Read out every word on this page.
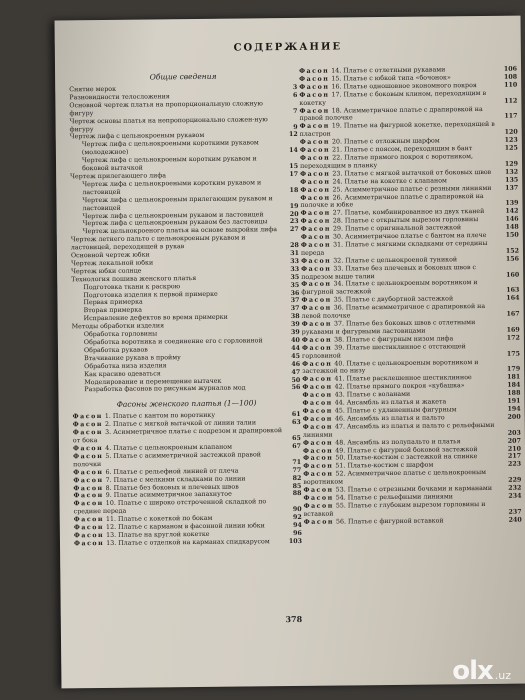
СОДЕРЖАНИЕ
Общие сведения
Снятие мерок	3
Разновидности телосложения	6
Основной чертеж платья на пропорциональную сложную фигуру	7
Чертеж основы платья на непропорционально сложен-ную фигуру	9
Чертеж лифа с цельнокроеным рукавом	12
Чертеж лифа с цельнокроеными короткими рукавом (молодежное)	14
Чертеж лифа с цельнокроеным коротким рукавом и боковой вытачкой	15
Чертеж прилегающего лифа	17
Чертеж лифа с цельнокроеными коротким рукавом и ластовицей	18
Чертеж лифа с цельнокроеным прилегающим рукавом и ластовицей	19
Чертеж лифа с цельнокроеным рукавом и ластовицей	20
Чертеж лифа с цельнокроеным рукавом без ластовицы	23
Чертеж цельнокроеного платья на основе выкройки лифа	27
Чертеж летнего пальто с цельнокроеным рукавом и ластовицей, переходящей в рукав	28
Основной чертеж юбки	31
Чертеж лекальной юбки	33
Чертеж юбки солнце	33
Технология пошива женского платья	35
Подготовка ткани к раскрою	35
Подготовка изделия к первой примерке	36
Первая примерка	37
Вторая примерка	37
Исправление дефектов во время примерки	38
Методы обработки изделия	39
Обработка горловины	39
Обработка воротника и соединение его с горловиной	40
Обработка рукавов	44
Втачивание рукава в пройму	45
Обработка низа изделия	46
Как красиво одеваться	47
Моделирование и перемещение вытачек	50
Разработка фасонов по рисункам журналов мод	56
Фасоны женского платья (1—100)
Фасон 1. Платье с кантом по воротнику	61
Фасон 2. Платье с мягкой вытачкой от линии талии	63
Фасон 3. Асимметричное платье с подрезом и драпировкой от бока	65
Фасон 4. Платье с цельнокроеным клапаном	67
Фасон 5. Платье с асимметричной застежкой правой полочки	71
Фасон 6. Платье с рельефной линией от плеча	77
Фасон 7. Платье с мелкими складками по линии	82
Фасон 8. Платье без боковых и плечевых швов	85
Фасон 9. Платье асимметричное запахнутое	88
Фасон 10. Платье с широко отстроченной складкой по средине переда	90
Фасон 11. Платье с кокеткой по бокам	92
Фасон 12. Платье с карманом в фасонной линии юбки	94
Фасон 13. Платье на круглой кокетке	96
Фасон 13. Платье с отделкой на карманах спидкарусом	103
Фасон 14. Платье с отлетными рукавами	106
Фасон 15. Платье с юбкой типа «бочонок»	108
Фасон 16. Платье одношовное экономного покроя	110
Фасон 17. Платье с боковым клином, переходящим в кокетку	112
Фасон 18. Асимметричное платье с драпировкой на правой полочке	117
Фасон 19. Платье на фигурной кокетке, переходящей в пластрон	120
Фасон 20. Платье с отложным шарфом	123
Фасон 21. Платье с поясом, переходящим в бант	125
Фасон 22. Платье прямого покроя с воротником, переходящим в планку	129
Фасон 23. Платье с мягкой вытачкой от боковых швов	132
Фасон 24. Платье на кокетке с клапаном	135
Фасон 25. Асимметричное платье с резными линиями	137
Фасон 26. Асимметричное платье с драпировкой на полочке и юбке	139
Фасон 27. Платье, комбинированное из двух тканей	142
Фасон 28. Платье с открытым вырезом горловины	146
Фасон 29. Платье с оригинальной застежкой	148
Фасон 30. Асимметричное платье с бантом на плече	150
Фасон 31. Платье с мягкими складками от середины переда	152
Фасон 32. Платье с цельнокроеной туникой	156
Фасон 33. Платье без плечевых и боковых швов с подрезом выше талии	160
Фасон 34. Платье с цельнокроеным воротником и фигурной застежкой	163
Фасон 35. Платье с двубортной застежкой	164
Фасон 36. Платье асимметричное с драпировкой на левой полочке	167
Фасон 37. Платье без боковых швов с отлетными рукавами и фигурными ластовицами	169
Фасон 38. Платье с фигурным низом лифа	172
Фасон 39. Платье шестиклинное с отстающей горловиной	175
Фасон 40. Платье с цельнокроеным воротником и застежкой по низу	179
Фасон 41. Платье расклешенное шестиклинное	181
Фасон 42. Платье прямого покроя «кубашка»	184
Фасон 43. Платье с воланами	188
Фасон 44. Ансамбль из платья и жакета	191
Фасон 45. Платье с удлиненным фигурным	194
Фасон 46. Ансамбль из платья и пальто	200
Фасон 47. Ансамбль из платья и пальто с рельефными линиями	203
Фасон 48. Ансамбль из полупальто и платья	207
Фасон 49. Платье с фигурной боковой застежкой	210
Фасон 50. Платье-костюм с застежкой на спинке	217
Фасон 51. Платье-костюм с шарфом	223
Фасон 52. Асимметричное платье с цельнокроеным воротником	229
Фасон 53. Платье с отрезными бочками и карманами	232
Фасон 54. Платье с рельефными линиями	234
Фасон 55. Платье с глубоким вырезом горловины и вставкой	237
Фасон 56. Платье с фигурной вставкой	240
378
olx .uz
